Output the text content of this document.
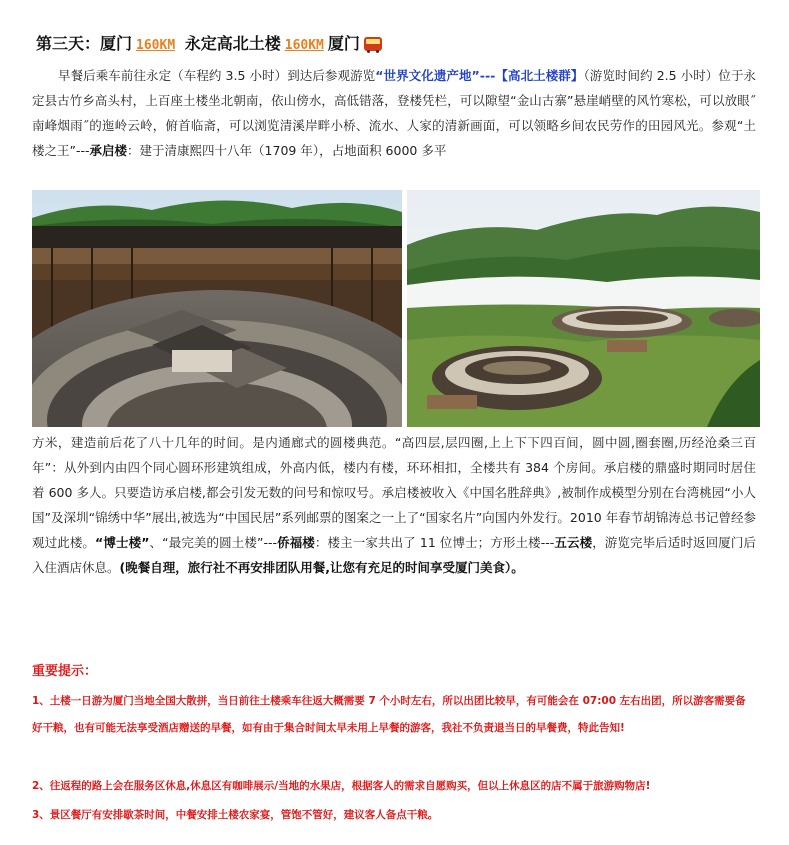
第三天：厦门 160KM 永定高北土楼 160KM 厦门
早餐后乘车前往永定（车程约 3.5 小时）到达后参观游览“世界文化遗产地”---【高北土楼群】（游览时间约 2.5 小时）位于永定县古竹乡高头村，上百座土楼坐北朝南，依山傍水，高低错落，登楼凭栏，可以隙望“金山古寨”悬崖峭壁的风竹寒松，可以放眼˝南峰烟雨˝的迤岭云岭，俯首临斋，可以浏览清溪岸畔小桥、流水、人家的清新画面，可以领略乡间农民劳作的田园风光。参观“土楼之王”---承启楼：建于清康熙四十八年（1709 年），占地面积 6000 多平
方米，建造前后花了八十几年的时间。是内通廊式的圆楼典范。“高四层,层四圈,上上下下四百间，圆中圆,圈套圈,历经沧桑三百年”：从外到内由四个同心圆环形建筑组成，外高内低，楼内有楼，环环相扣，全楼共有 384 个房间。承启楼的鼎盛时期同时居住着 600 多人。只要造访承启楼,都会引发无数的问号和惊叹号。承启楼被收入《中国名胜辞典》,被制作成模型分别在台湾桃园“小人国”及深圳“锦绣中华”展出,被选为“中国民居”系列邮票的图案之一上了“国家名片”向国内外发行。2010 年春节胡锦涛总书记曾经参观过此楼。“博士楼”、“最完美的圆土楼”---侨福楼：楼主一家共出了 11 位博士；方形土楼---五云楼，游览完毕后适时返回厦门后入住酒店休息。(晚餐自理，旅行社不再安排团队用餐,让您有充足的时间享受厦门美食）。
重要提示：
1、土楼一日游为厦门当地全国大散拼，当日前往土楼乘车往返大概需要 7 个小时左右，所以出团比较早，有可能会在 07:00 左右出团，所以游客需要备好干粮，也有可能无法享受酒店赠送的早餐，如有由于集合时间太早未用上早餐的游客，我社不负责退当日的早餐费，特此告知!
2、往返程的路上会在服务区休息,休息区有咖啡展示/当地的水果店，根据客人的需求自愿购买，但以上休息区的店不属于旅游购物店!
3、景区餐厅有安排歇茶时间，中餐安排土楼农家宴，管饱不管好，建议客人备点干粮。
